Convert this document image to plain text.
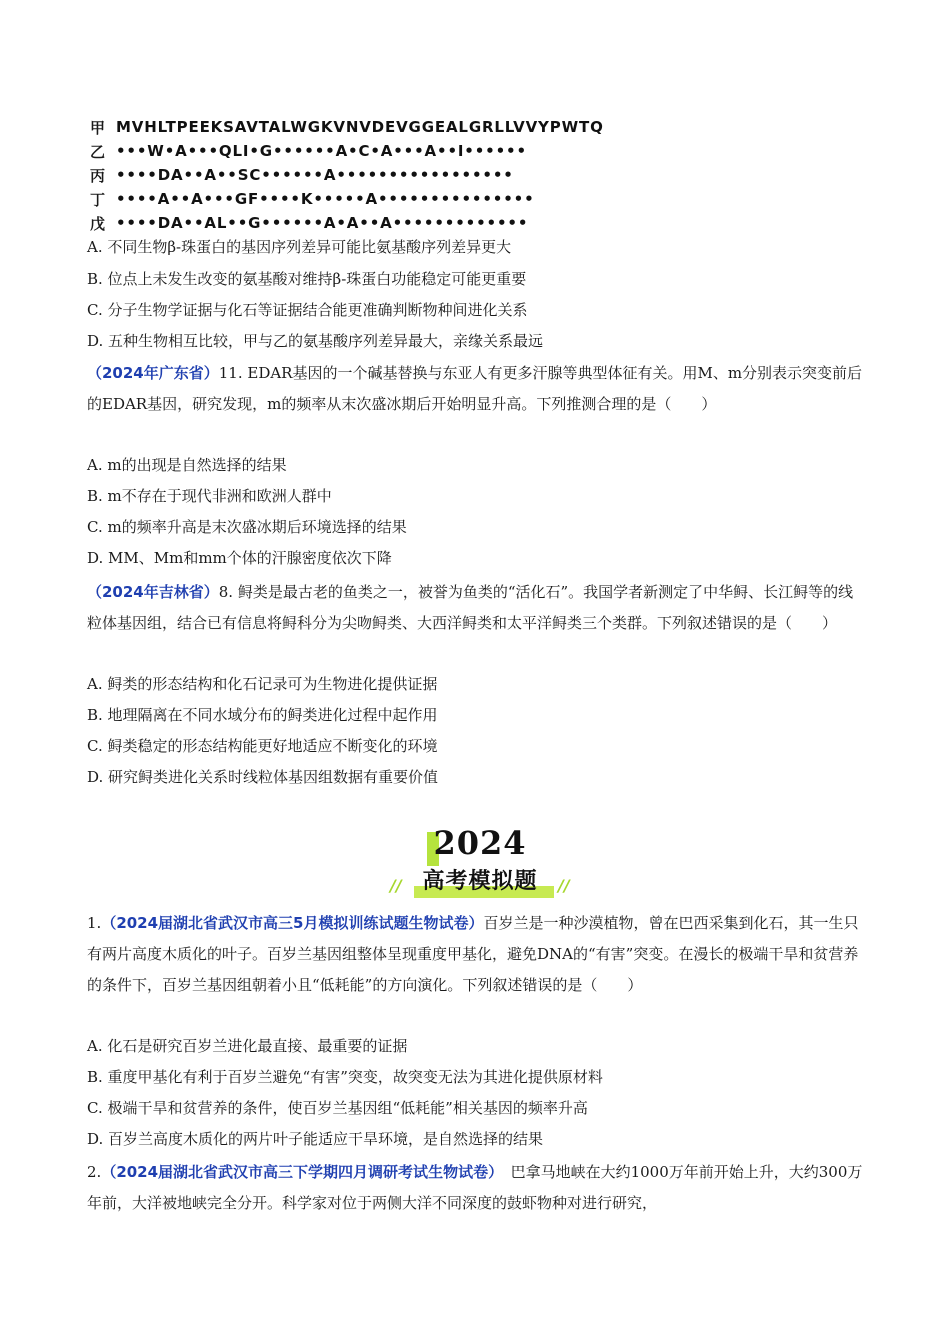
甲 MVHLTPEEKSAVTALWGKVNVDEVGGEALGRLLVVYPWTQ
乙 •••W•A•••QLI•G••••••A•C•A•••A••I••••••
丙 ••••DA••A••SC••••••A•••••••••••••••••
丁 ••••A••A•••GF••••K•••••A•••••••••••••••
戊 ••••DA••AL••G••••••A•A••A•••••••••••••
A. 不同生物β-珠蛋白的基因序列差异可能比氨基酸序列差异更大
B. 位点上未发生改变的氨基酸对维持β-珠蛋白功能稳定可能更重要
C. 分子生物学证据与化石等证据结合能更准确判断物种间进化关系
D. 五种生物相互比较，甲与乙的氨基酸序列差异最大，亲缘关系最远
（2024年广东省）11. EDAR基因的一个碱基替换与东亚人有更多汗腺等典型体征有关。用M、m分别表示突变前后的EDAR基因，研究发现，m的频率从末次盛冰期后开始明显升高。下列推测合理的是（　　）
A. m的出现是自然选择的结果
B. m不存在于现代非洲和欧洲人群中
C. m的频率升高是末次盛冰期后环境选择的结果
D. MM、Mm和mm个体的汗腺密度依次下降
（2024年吉林省）8. 鲟类是最古老的鱼类之一，被誉为鱼类的“活化石”。我国学者新测定了中华鲟、长江鲟等的线粒体基因组，结合已有信息将鲟科分为尖吻鲟类、大西洋鲟类和太平洋鲟类三个类群。下列叙述错误的是（　　）
A. 鲟类的形态结构和化石记录可为生物进化提供证据
B. 地理隔离在不同水域分布的鲟类进化过程中起作用
C. 鲟类稳定的形态结构能更好地适应不断变化的环境
D. 研究鲟类进化关系时线粒体基因组数据有重要价值
2024
// 高考模拟题	//
1.（2024届湖北省武汉市高三5月模拟训练试题生物试卷）百岁兰是一种沙漠植物，曾在巴西采集到化石，其一生只有两片高度木质化的叶子。百岁兰基因组整体呈现重度甲基化，避免DNA的“有害”突变。在漫长的极端干旱和贫营养的条件下，百岁兰基因组朝着小且“低耗能”的方向演化。下列叙述错误的是（　　）
A. 化石是研究百岁兰进化最直接、最重要的证据
B. 重度甲基化有利于百岁兰避免“有害”突变，故突变无法为其进化提供原材料
C. 极端干旱和贫营养的条件，使百岁兰基因组“低耗能”相关基因的频率升高
D. 百岁兰高度木质化的两片叶子能适应干旱环境，是自然选择的结果
2.（2024届湖北省武汉市高三下学期四月调研考试生物试卷）　巴拿马地峡在大约1000万年前开始上升，大约300万年前，大洋被地峡完全分开。科学家对位于两侧大洋不同深度的鼓虾物种对进行研究，
